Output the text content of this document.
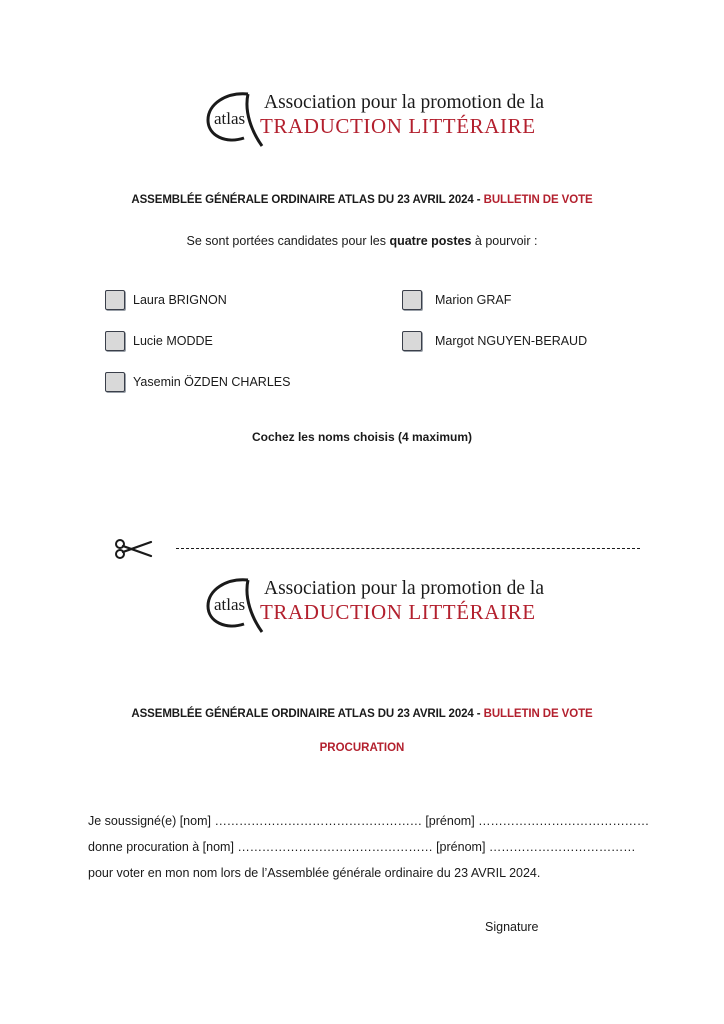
atlas
Association pour la promotion de la
TRADUCTION LITTÉRAIRE
ASSEMBLÉE GÉNÉRALE ORDINAIRE ATLAS DU 23 AVRIL 2024 - BULLETIN DE VOTE
Se sont portées candidates pour les quatre postes à pourvoir :
Laura BRIGNON	Marion GRAF
Lucie MODDE	Margot NGUYEN-BERAUD
Yasemin ÖZDEN CHARLES
Cochez les noms choisis (4 maximum)
atlas
Association pour la promotion de la
TRADUCTION LITTÉRAIRE
ASSEMBLÉE GÉNÉRALE ORDINAIRE ATLAS DU 23 AVRIL 2024 - BULLETIN DE VOTE
PROCURATION
Je soussigné(e) [nom] …………………………………………… [prénom] ……………………………………
donne procuration à [nom] ………………………………………… [prénom] ………………………………
pour voter en mon nom lors de l’Assemblée générale ordinaire du 23 AVRIL 2024.
Signature
